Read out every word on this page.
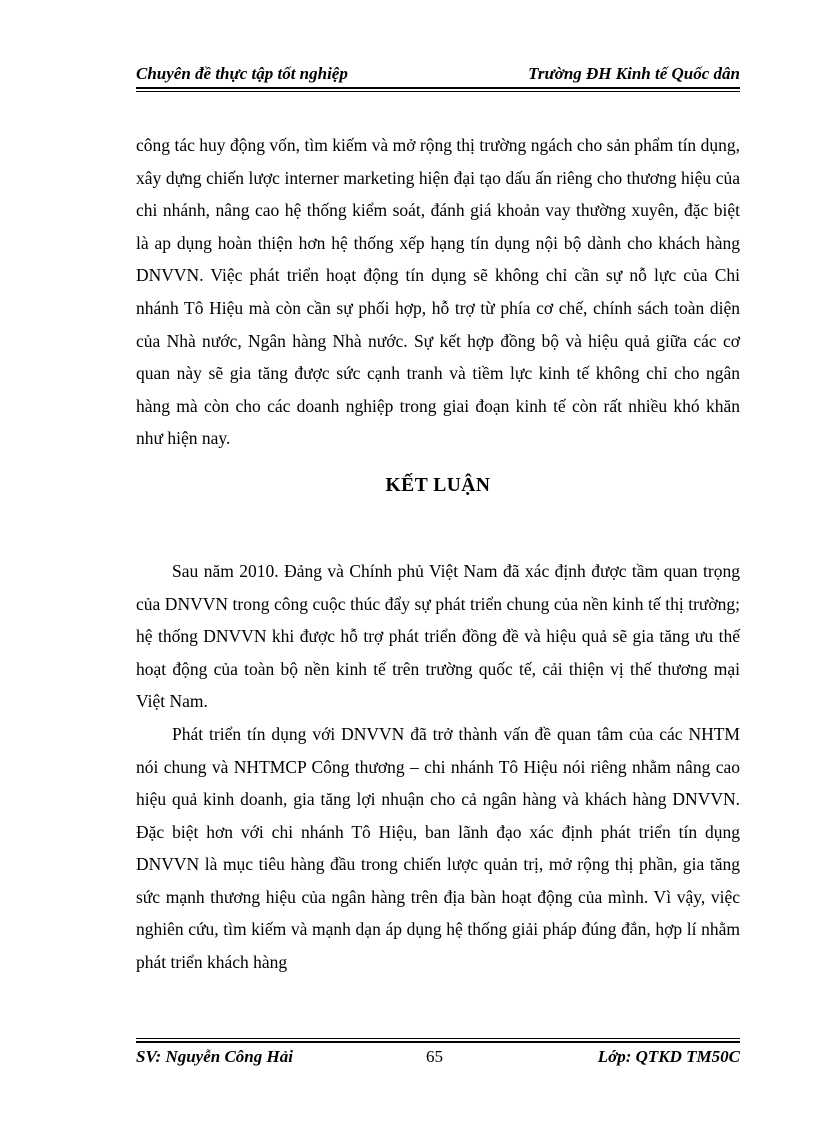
Chuyên đề thực tập tốt nghiệp	Trường ĐH Kinh tế Quốc dân

công tác huy động vốn, tìm kiếm và mở rộng thị trường ngách cho sản phẩm tín dụng, xây dựng chiến lược interner marketing hiện đại tạo dấu ấn riêng cho thương hiệu của chi nhánh, nâng cao hệ thống kiểm soát, đánh giá khoản vay thường xuyên, đặc biệt là ap dụng hoàn thiện hơn hệ thống xếp hạng tín dụng nội bộ dành cho khách hàng DNVVN. Việc phát triển hoạt động tín dụng sẽ không chỉ cần sự nỗ lực của Chi nhánh Tô Hiệu mà còn cần sự phối hợp, hỗ trợ từ phía cơ chế, chính sách toàn diện của Nhà nước, Ngân hàng Nhà nước. Sự kết hợp đồng bộ và hiệu quả giữa các cơ quan này sẽ gia tăng được sức cạnh tranh và tiềm lực kinh tế không chỉ cho ngân hàng mà còn cho các doanh nghiệp trong giai đoạn kinh tế còn rất nhiều khó khăn như hiện nay.

KẾT LUẬN

Sau năm 2010. Đảng và Chính phủ Việt Nam đã xác định được tầm quan trọng của DNVVN trong công cuộc thúc đẩy sự phát triển chung của nền kinh tế thị trường; hệ thống DNVVN khi được hỗ trợ phát triển đồng đề và hiệu quả sẽ gia tăng ưu thế hoạt động của toàn bộ nền kinh tế trên trường quốc tế, cải thiện vị thế thương mại Việt Nam.

Phát triển tín dụng với DNVVN đã trở thành vấn đề quan tâm của các NHTM nói chung và NHTMCP Công thương – chi nhánh Tô Hiệu nói riêng nhằm nâng cao hiệu quả kinh doanh, gia tăng lợi nhuận cho cả ngân hàng và khách hàng DNVVN. Đặc biệt hơn với chi nhánh Tô Hiệu, ban lãnh đạo xác định phát triển tín dụng DNVVN là mục tiêu hàng đầu trong chiến lược quản trị, mở rộng thị phần, gia tăng sức mạnh thương hiệu của ngân hàng trên địa bàn hoạt động của mình. Vì vậy, việc nghiên cứu, tìm kiếm và mạnh dạn áp dụng hệ thống giải pháp đúng đắn, hợp lí nhằm phát triển khách hàng

SV: Nguyễn Công Hải	65	Lớp: QTKD TM50C
